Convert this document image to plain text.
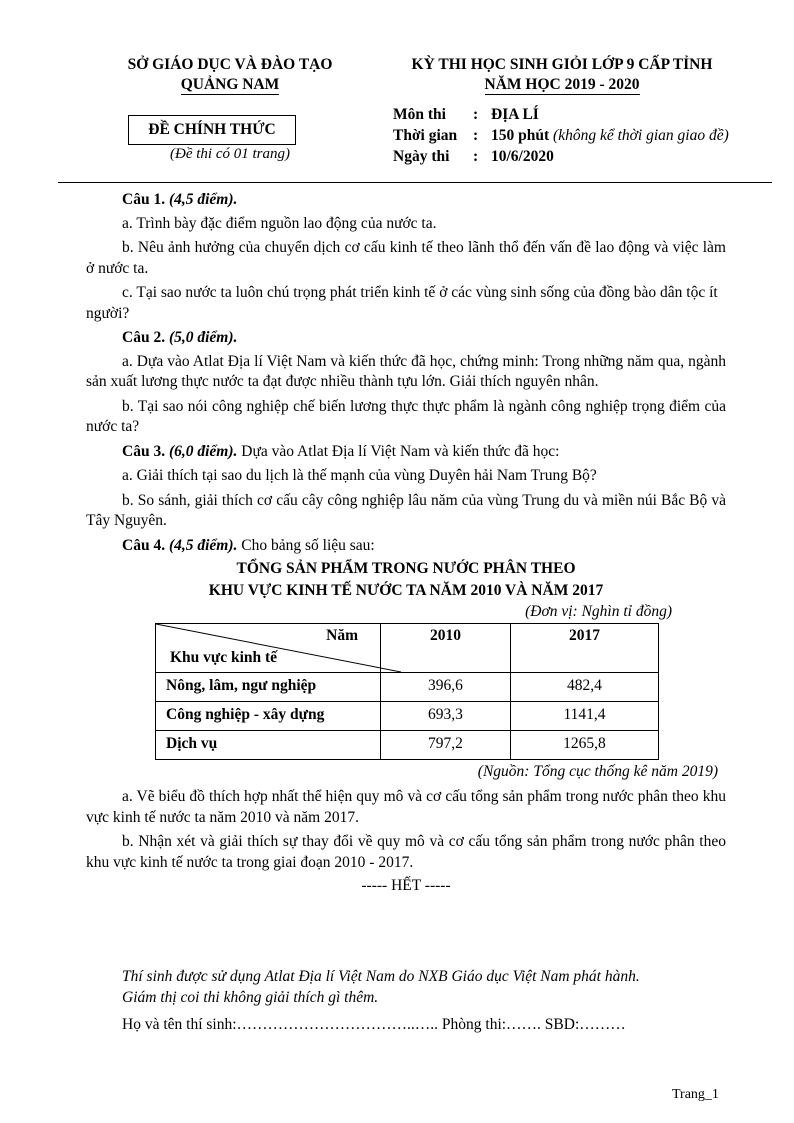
SỞ GIÁO DỤC VÀ ĐÀO TẠO
QUẢNG NAM
KỲ THI HỌC SINH GIỎI LỚP 9 CẤP TỈNH
NĂM HỌC 2019 - 2020
ĐỀ CHÍNH THỨC
(Đề thi có 01 trang)
Môn thi	: ĐỊA LÍ
Thời gian	: 150 phút
(không kể thời gian giao đề)
Ngày thi	: 10/6/2020

Câu 1. (4,5 điểm).

a. Trình bày đặc điểm nguồn lao động của nước ta.

b. Nêu ảnh hưởng của chuyển dịch cơ cấu kinh tế theo lãnh thổ đến vấn đề lao động và việc làm ở nước ta.

c. Tại sao nước ta luôn chú trọng phát triển kinh tế ở các vùng sinh sống của đồng bào dân tộc ít người?

Câu 2. (5,0 điểm).

a. Dựa vào Atlat Địa lí Việt Nam và kiến thức đã học, chứng minh: Trong những năm qua, ngành sản xuất lương thực nước ta đạt được nhiều thành tựu lớn. Giải thích nguyên nhân.

b. Tại sao nói công nghiệp chế biến lương thực thực phẩm là ngành công nghiệp trọng điểm của nước ta?

Câu 3. (6,0 điểm). Dựa vào Atlat Địa lí Việt Nam và kiến thức đã học:

a. Giải thích tại sao du lịch là thế mạnh của vùng Duyên hải Nam Trung Bộ?

b. So sánh, giải thích cơ cấu cây công nghiệp lâu năm của vùng Trung du và miền núi Bắc Bộ và Tây Nguyên.

Câu 4. (4,5 điểm). Cho bảng số liệu sau:

TỔNG SẢN PHẨM TRONG NƯỚC PHÂN THEO
KHU VỰC KINH TẾ NƯỚC TA NĂM 2010 VÀ NĂM 2017
(Đơn vị: Nghìn tỉ đồng)
Năm
Khu vực kinh tế	2010	2017
Nông, lâm, ngư nghiệp	396,6	482,4
Công nghiệp - xây dựng	693,3	1141,4
Dịch vụ	797,2	1265,8
(Nguồn: Tổng cục thống kê năm 2019)

a. Vẽ biểu đồ thích hợp nhất thể hiện quy mô và cơ cấu tổng sản phẩm trong nước phân theo khu vực kinh tế nước ta năm 2010 và năm 2017.

b. Nhận xét và giải thích sự thay đổi về quy mô và cơ cấu tổng sản phẩm trong nước phân theo khu vực kinh tế nước ta trong giai đoạn 2010 - 2017.

----- HẾT -----
Thí sinh được sử dụng Atlat Địa lí Việt Nam do NXB Giáo dục Việt Nam phát hành.
Giám thị coi thi không giải thích gì thêm.
Họ và tên thí sinh:……………………………..….. Phòng thi:……. SBD:………
Trang_1
